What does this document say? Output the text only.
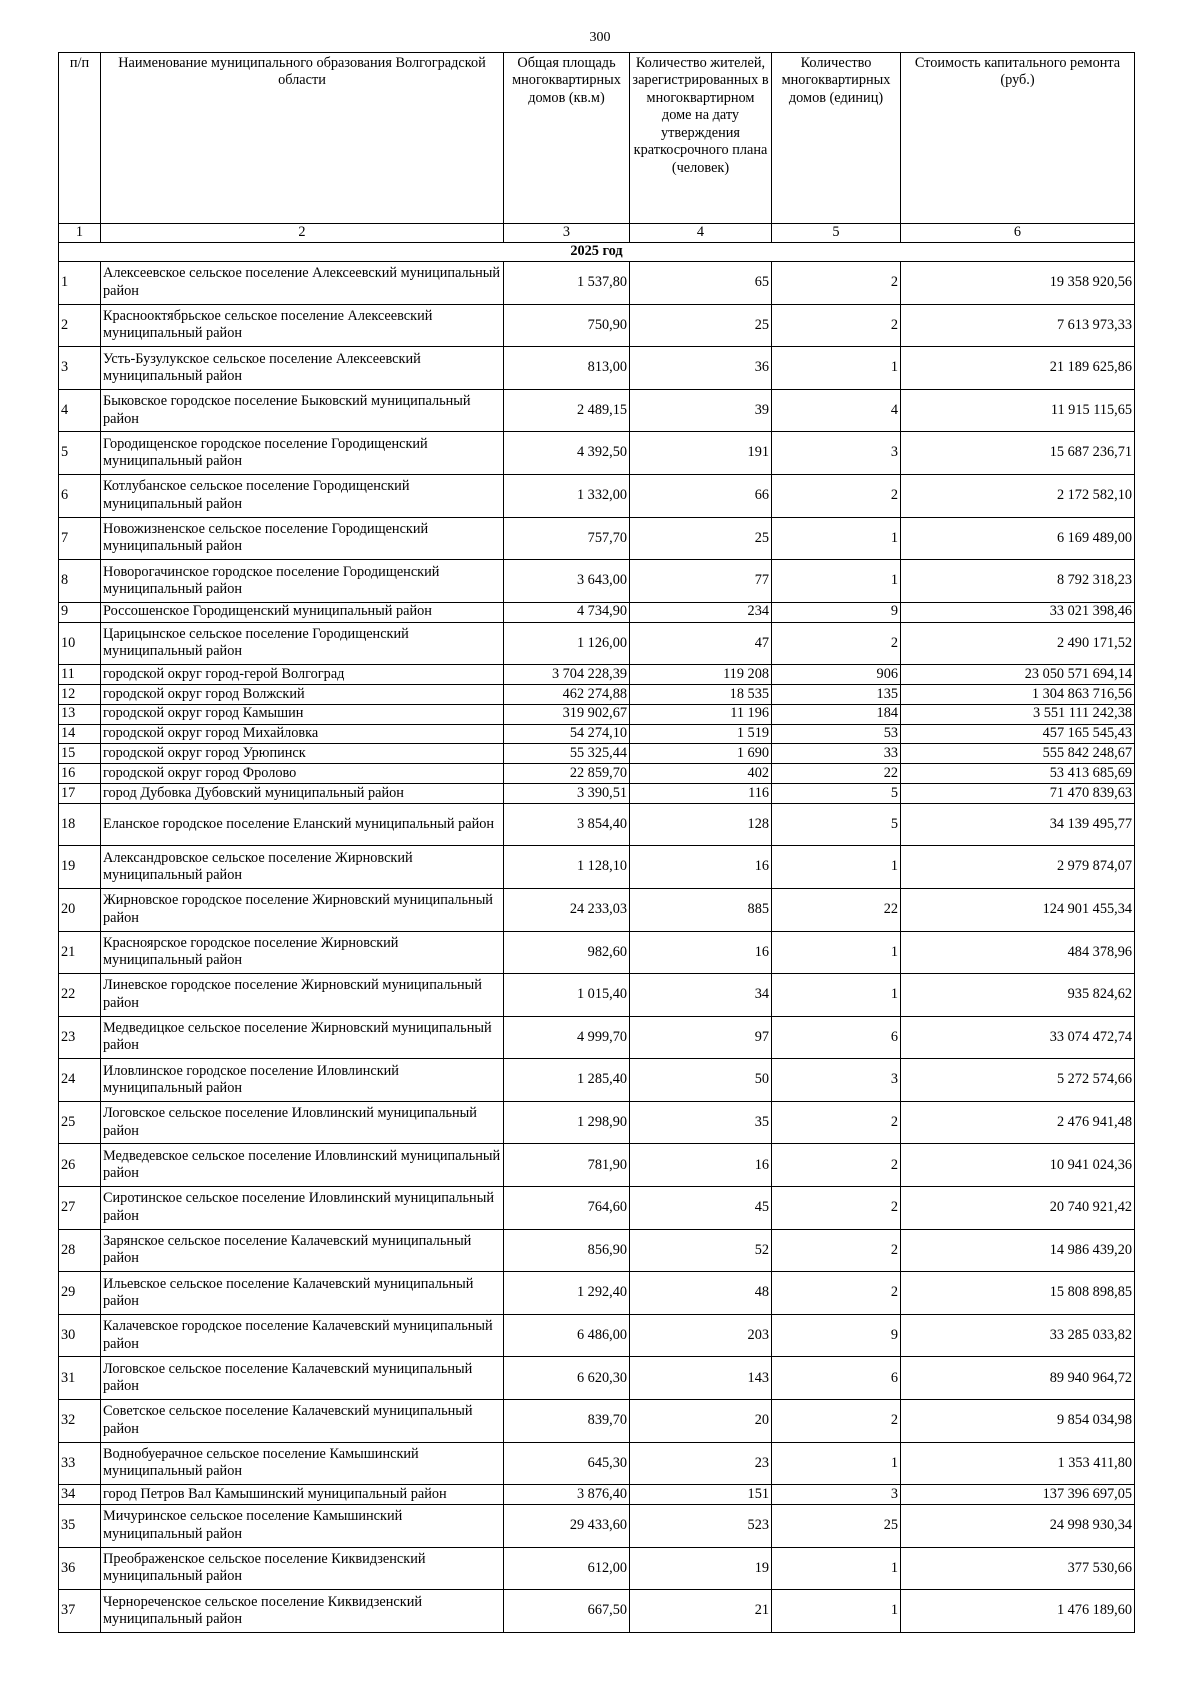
300
п/п	Наименование муниципального образования Волгоградской области	Общая площадь многоквартирных домов (кв.м)	Количество жителей, зарегистрированных в многоквартирном доме на дату утверждения краткосрочного плана (человек)	Количество многоквартирных домов (единиц)	Стоимость капитального ремонта (руб.)
1	2	3	4	5	6
2025 год					
1	Алексеевское сельское поселение Алексеевский муниципальный район	1 537,80	65	2	19 358 920,56
2	Краснооктябрьское сельское поселение Алексеевский муниципальный район	750,90	25	2	7 613 973,33
3	Усть-Бузулукское сельское поселение Алексеевский муниципальный район	813,00	36	1	21 189 625,86
4	Быковское городское поселение Быковский муниципальный район	2 489,15	39	4	11 915 115,65
5	Городищенское городское поселение Городищенский муниципальный район	4 392,50	191	3	15 687 236,71
6	Котлубанское сельское поселение Городищенский муниципальный район	1 332,00	66	2	2 172 582,10
7	Новожизненское сельское поселение Городищенский муниципальный район	757,70	25	1	6 169 489,00
8	Новорогачинское городское поселение Городищенский муниципальный район	3 643,00	77	1	8 792 318,23
9	Россошенское Городищенский муниципальный район	4 734,90	234	9	33 021 398,46
10	Царицынское сельское поселение Городищенский муниципальный район	1 126,00	47	2	2 490 171,52
11	городской округ город-герой Волгоград	3 704 228,39	119 208	906	23 050 571 694,14
12	городской округ город Волжский	462 274,88	18 535	135	1 304 863 716,56
13	городской округ город Камышин	319 902,67	11 196	184	3 551 111 242,38
14	городской округ город Михайловка	54 274,10	1 519	53	457 165 545,43
15	городской округ город Урюпинск	55 325,44	1 690	33	555 842 248,67
16	городской округ город Фролово	22 859,70	402	22	53 413 685,69
17	город Дубовка Дубовский муниципальный район	3 390,51	116	5	71 470 839,63
18	Еланское городское поселение Еланский муниципальный район	3 854,40	128	5	34 139 495,77
19	Александровское сельское поселение Жирновский муниципальный район	1 128,10	16	1	2 979 874,07
20	Жирновское городское поселение Жирновский муниципальный район	24 233,03	885	22	124 901 455,34
21	Красноярское городское поселение Жирновский муниципальный район	982,60	16	1	484 378,96
22	Линевское городское поселение Жирновский муниципальный район	1 015,40	34	1	935 824,62
23	Медведицкое сельское поселение Жирновский муниципальный район	4 999,70	97	6	33 074 472,74
24	Иловлинское городское поселение Иловлинский муниципальный район	1 285,40	50	3	5 272 574,66
25	Логовское сельское поселение Иловлинский муниципальный район	1 298,90	35	2	2 476 941,48
26	Медведевское сельское поселение Иловлинский муниципальный район	781,90	16	2	10 941 024,36
27	Сиротинское сельское поселение Иловлинский муниципальный район	764,60	45	2	20 740 921,42
28	Зарянское сельское поселение Калачевский муниципальный район	856,90	52	2	14 986 439,20
29	Ильевское сельское поселение Калачевский муниципальный район	1 292,40	48	2	15 808 898,85
30	Калачевское городское поселение Калачевский муниципальный район	6 486,00	203	9	33 285 033,82
31	Логовское сельское поселение Калачевский муниципальный район	6 620,30	143	6	89 940 964,72
32	Советское сельское поселение Калачевский муниципальный район	839,70	20	2	9 854 034,98
33	Воднобуерачное сельское поселение Камышинский муниципальный район	645,30	23	1	1 353 411,80
34	город Петров Вал Камышинский муниципальный район	3 876,40	151	3	137 396 697,05
35	Мичуринское сельское поселение Камышинский муниципальный район	29 433,60	523	25	24 998 930,34
36	Преображенское сельское поселение Киквидзенский муниципальный район	612,00	19	1	377 530,66
37	Чернореченское сельское поселение Киквидзенский муниципальный район	667,50	21	1	1 476 189,60
